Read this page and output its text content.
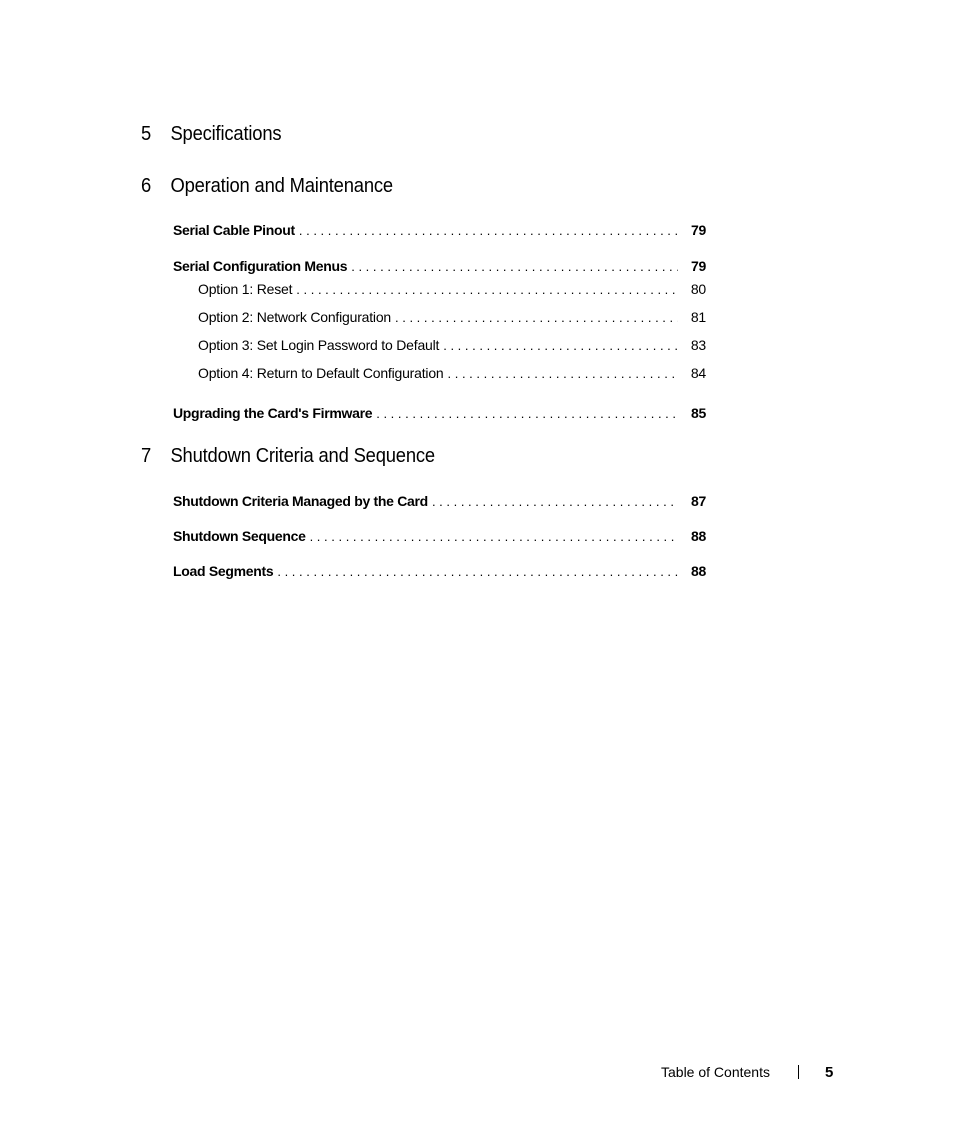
5 Specifications
6 Operation and Maintenance
Serial Cable Pinout . . .	79
Serial Configuration Menus . . .	79
Option 1: Reset . . .	80
Option 2: Network Configuration . . .	81
Option 3: Set Login Password to Default . . .	83
Option 4: Return to Default Configuration . . .	84
Upgrading the Card's Firmware . . .	85
7 Shutdown Criteria and Sequence
Shutdown Criteria Managed by the Card . . .	87
Shutdown Sequence . . .	88
Load Segments . . .	88
Table of Contents	5
